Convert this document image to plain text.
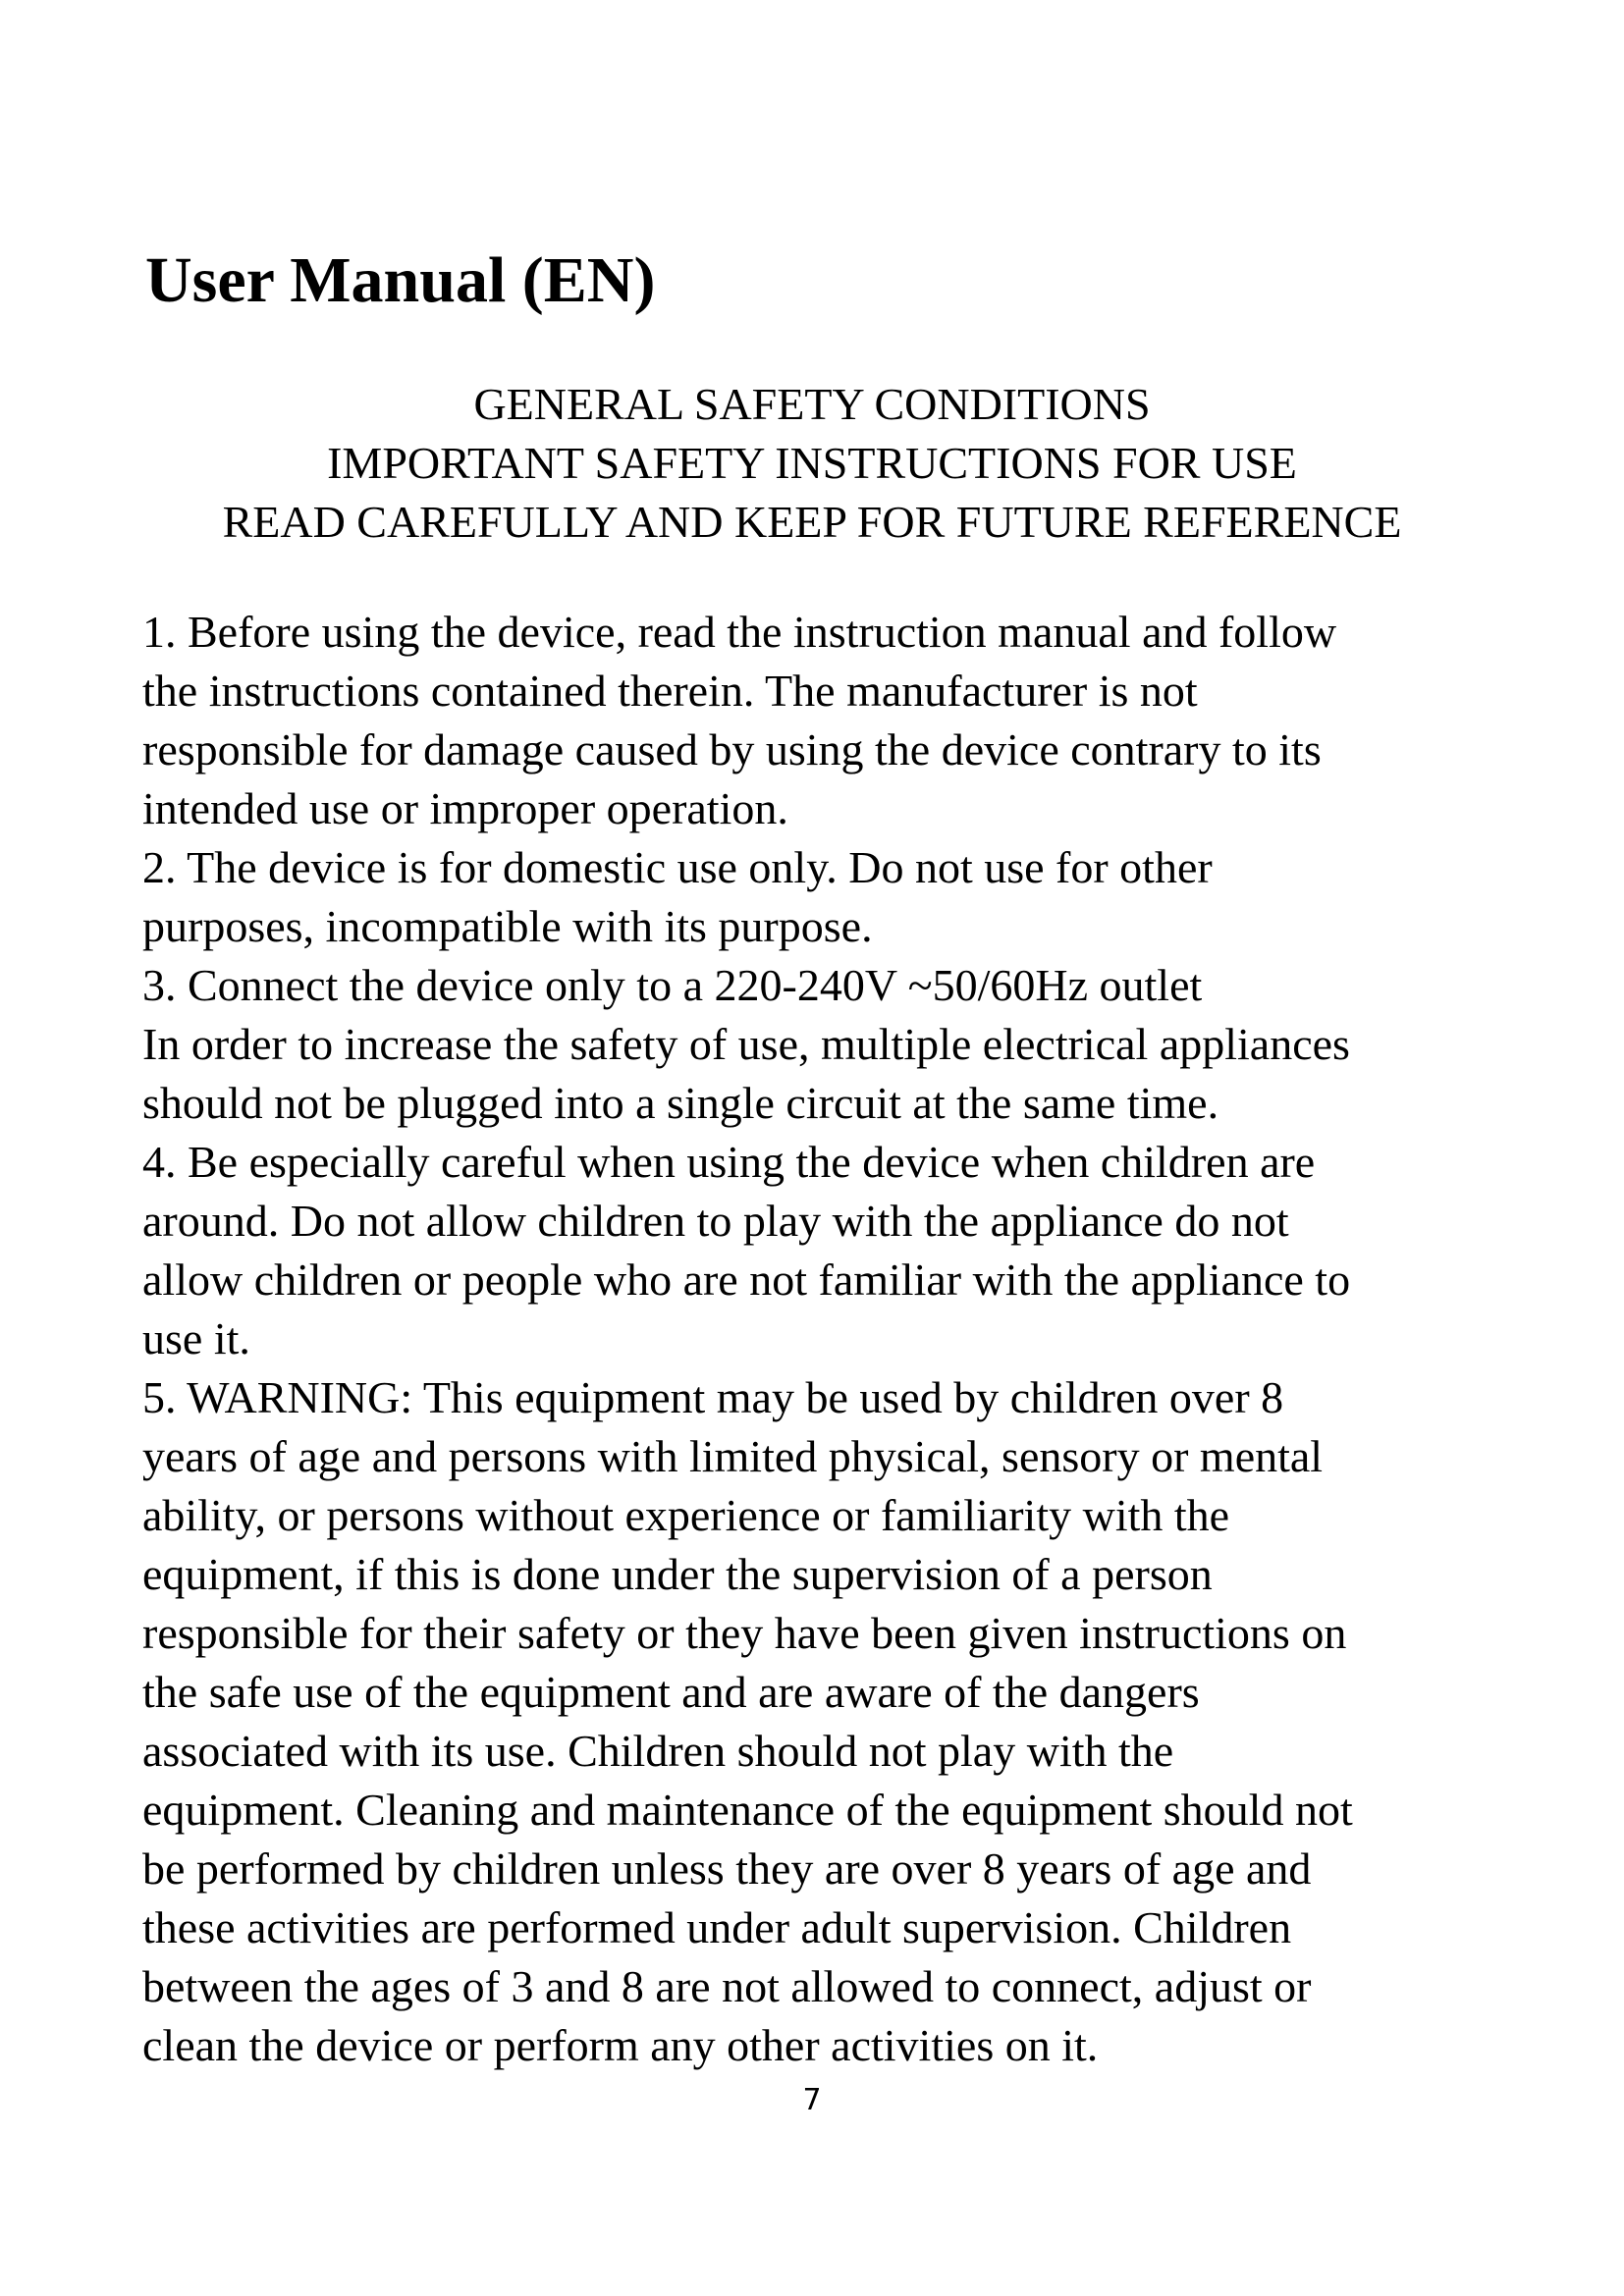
User Manual (EN)
GENERAL SAFETY CONDITIONS
IMPORTANT SAFETY INSTRUCTIONS FOR USE
READ CAREFULLY AND KEEP FOR FUTURE REFERENCE
1. Before using the device, read the instruction manual and follow
the instructions contained therein. The manufacturer is not
responsible for damage caused by using the device contrary to its
intended use or improper operation.
2. The device is for domestic use only. Do not use for other
purposes, incompatible with its purpose.
3. Connect the device only to a 220-240V ~50/60Hz outlet
In order to increase the safety of use, multiple electrical appliances
should not be plugged into a single circuit at the same time.
4. Be especially careful when using the device when children are
around. Do not allow children to play with the appliance do not
allow children or people who are not familiar with the appliance to
use it.
5. WARNING: This equipment may be used by children over 8
years of age and persons with limited physical, sensory or mental
ability, or persons without experience or familiarity with the
equipment, if this is done under the supervision of a person
responsible for their safety or they have been given instructions on
the safe use of the equipment and are aware of the dangers
associated with its use. Children should not play with the
equipment. Cleaning and maintenance of the equipment should not
be performed by children unless they are over 8 years of age and
these activities are performed under adult supervision. Children
between the ages of 3 and 8 are not allowed to connect, adjust or
clean the device or perform any other activities on it.
7
